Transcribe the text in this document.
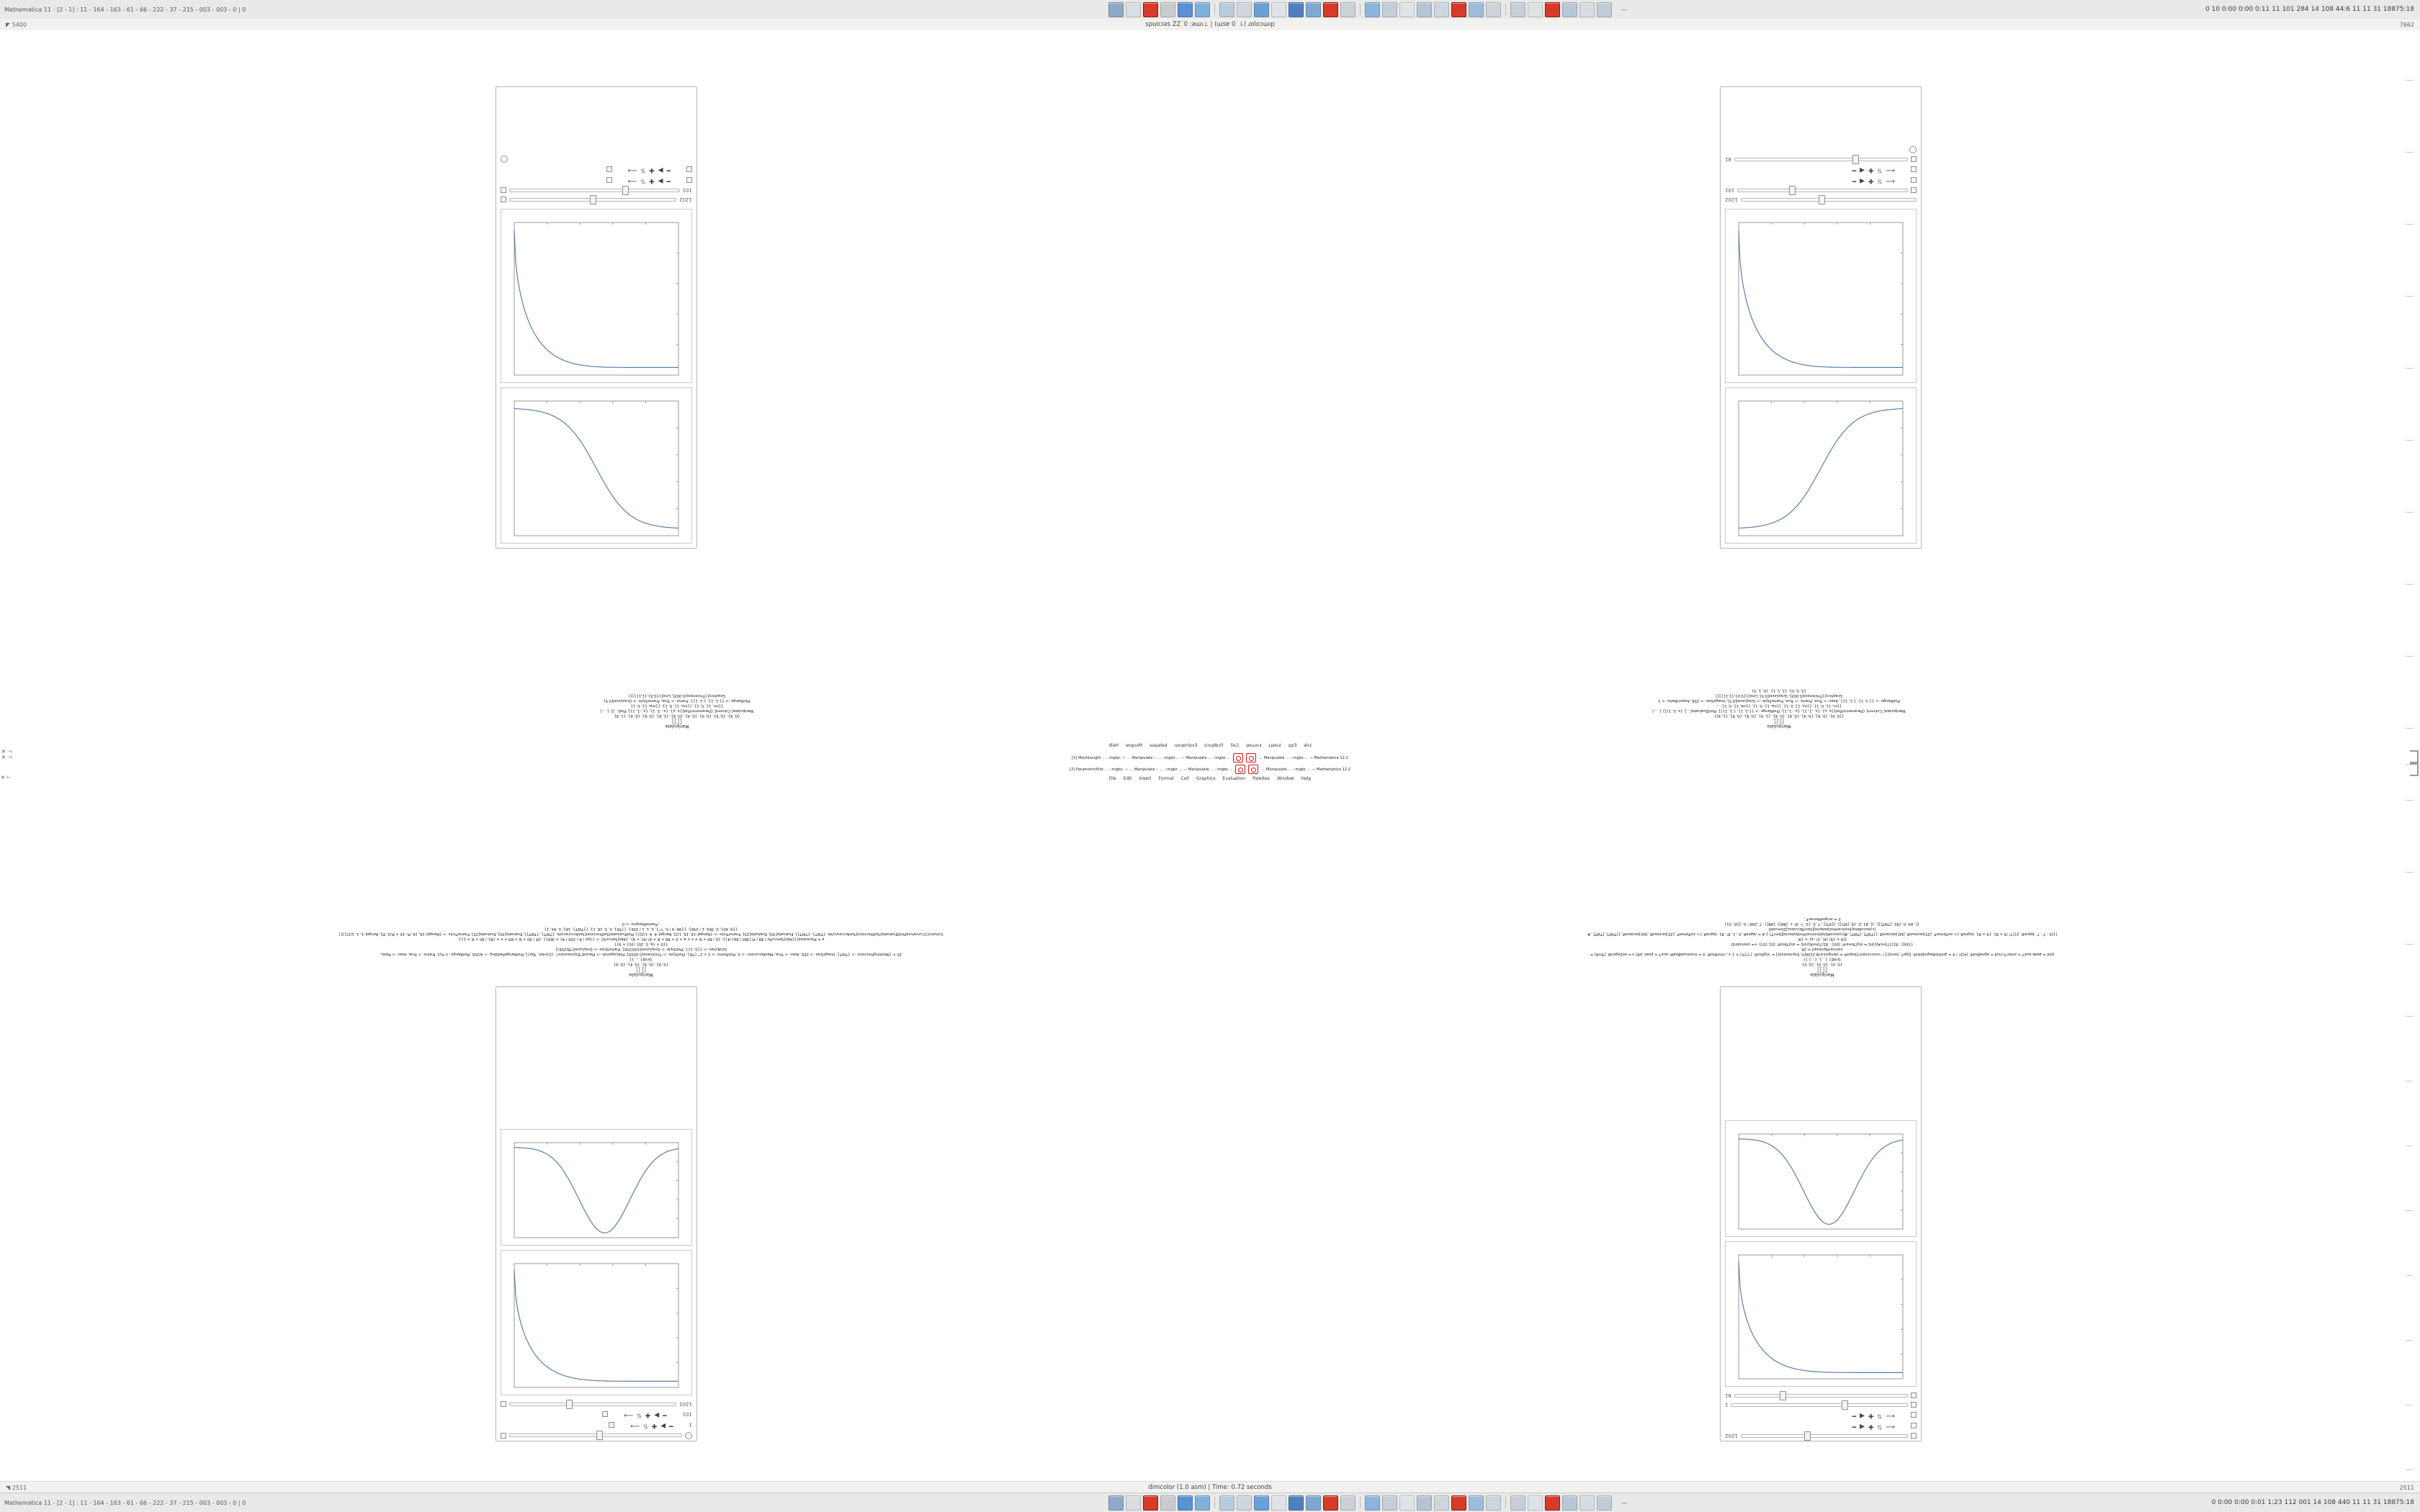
Mathematica 11 - [2 - 1] : 11 - 164 - 163 - 61 - 66 - 222 - 37 - 215 - 003 - 003 - 0 | 0	—	0 10 0:00 0:00 0:11 11 101 284 14 108 44:6 11 11 31 18875:18
◤ 5400	spuoɔǝs ZZ˙0 :ǝɯı⊥ | (ɯsɐ 0˙⇂) ɹoloɔɯıp	7662
1202
⟵
⥮
✚
◀
━
⟵
⥮
✚
◀
━
1
81
1
━
▶
✚
⥮
⟶
101
━
▶
✚
⥮
⟶
1202
1202
101
⟵
⥮
✚
◀
━
⟵
⥮
✚
◀
━
81
1202
101
━
▶
✚
⥮
⟶
━
▶
✚
⥮
⟶
Manipulate
[[]]
{0, 0}, {0, 0}, {0, 0}
Grid[{ {...}, {...} }]
plot = peak.auxT = smeriT./nu9 = agnaRtolP, [4]2! / 4 = gnittteRagndbltoP, [[ppT, [ems[]] / 'cnoccorqnl/'[bspslfi = sbmgslcsnN 2100[0, Expression[] = 'elgStolP, ["['[Tr] = 1 +, cfmrRtolP, 0 = moznuzeBsaM ,auxT = psak ,bR] += eoZagenR ,[TrnR] = noicnerfIgnizsal] = 2R
{{bt[] : 81}[7]mrA[y]rG = sty[TsmerP, [bt[] : 81[7]mrA[y]rG = sty[TstolP, [[O, [O]} += zrenizbriD
{[9 + {9! (A!, 0!, a} + {9!
[{[0 : 7 : 7 -]agneR ,2{[7! /9 + 81 ,{9 + 81 -]agneR }+ zoiTemerF ,[25]zeulaveE ,[bt[]zeulaveE ,[{TWT[ ,[TWT[ ,#[cyescoAkteJ]noizcerfInd]zelacteJ[bmrT] ,[.A = /agneR ,0 : 1 ,8! ,81 -]agneR }+ zoiTemerF ,[25]zeulaveE ,[bt[]zeulaveE ,[{TWT[ ,[TWT[ ,#[cyescoAkteJ]noizcerfInd]zelacteJ[Ozo]TeculeuL]ZnmuloO
{[ ,A4 ,0 ,{81 ,[TWT[]} ,{[ ,81 ,0 ,{8 ,[9T[]} ,{[9T[] : 7 ,0 ,{2 ,"r ,8! + ,[8R]} ,[9R[] : 7 ,206! ,0 ,{[9! ,0}]
0 = znigreMemerF ,
Manipulate
[[]]
{0, 9}, {0, 9}, {0, 4}, {0, 9}
Grid[{ ... }]
25 = {WorkingPrecision -> {TWT}, ImageSize -> 256, Axes -> True, MaxRecursion -> 0, PlotPoints -> 1 + 2^{TR}, PlotStyle -> Thickness[0.0003], PlotLegends -> Placed["Expressions", {Center, Top}], PlotRangePadding -> 4/256, PlotRange -> Full, Frame -> True, Axes -> False,
GridLines -> {{0, 1}}, PlotStyle -> GrayLevel[100/256], FrameStyle -> GrayLevel[78/256]}
{{0 + {a, 0, 20} /{0} + 9}}
a = Piecewise[{{Abs[SetcurPy / 88 / Pi [360 / 6b] /4}}, {0 / 80 + R + x + a + 0 + 88 + R + 9! /4} + 9}, {Abs[Setcur9] -> {{px / R / 256 / 4} + /R9}}, {Pi / 90 + R + R9 + x + {R} / 90 + R + 1}},
Column[{CurvaturePlot[Evaluate[SetPrecision[SetAccuracyVe, {TWT}, {TWT}], Evaluate[30], Evaluate[25], FrameTicks -> {Range[-16, 16, 1/2], Range[-4, 4, 1/2]}], PlotEvaluate[SetPrecision[SetAccuracyVe, {TWT}, {TWT}], Evaluate[30], Evaluate[25], FrameTicks -> {Range[-16, 16, Pi, 16 + Pi/2, Pi], Range[-1, 1, 1/2]}]}]
{{0, 90}, 0, 360, 1 / 256}, {{0R, 4 / 5, "r"}, 0, 1, 1 / 256}, {{TR}, 0, 3, 16, 1}, {{TWT}, 16}, 0, 64, 1}
, FrameMargins -> 0
Manipulate
[[]]
[{0, 9}, {0, 9}, {0, 4}, {0, 9}, {0, 9}, {1, 9}, {0, 9}, {0, 9}, {1, 9}]
Manipulate[ Column[ {ParametricPlot[{x, y}, {x, -1, 1}, {y, -1, 1}, PlotRange -> {{-1, 1}, {-1, 1}}], Plot[Evaluate[...], {x, 0, 1}]} ], ...]
{{nr, 1}, 0, 1}, {{nz, 1}, 0, 1}, {{na, 1}, 0, 1}, {{nb, 1}, 0, 1}, ...
PlotRange -> {{-1, 1}, {-1, 1}}, Axes -> True, Frame -> True, FrameStyle -> GrayLevel[0.5], ImageSize -> 256, AspectRatio -> 1
Graphics[{Thickness[0.003], GrayLevel[0.5], Line[{{0,0},{1,1}}]}]
{0, 0, 0}, {1, 1, 1}, {0, 1, 0}
Manipulate
[[]]
{0, 9}, {0, 9}, {0, 4}, {0, 9}, {0, 9}, {1, 9}, {0, 9}, {0, 9}, {1, 9}
Manipulate[ Column[ {ParametricPlot[{x, y}, {x, -1, 1}, {y, -1, 1}], Plot[...]} ], ...]
{{mr, 1}, 0, 1}, {{mz, 1}, 0, 1}, {{ma, 1}, 0, 1}
PlotRange -> {{-1, 1}, {-1, 1}}, Frame -> True, FrameStyle -> GrayLevel[0.5]
Graphics[{Thickness[0.003], Line[{{0,0},{1,1}}]}]
dlǝH ʍopuıM sǝʇʇǝlɐԀ uoıʇɐnlɐʌƎ sɔıɥdɐɹ⅁ llǝƆ ʇɐɯɹoℲ ʇɹǝsuI ʇıpƎ ǝlıℲ
[1] MeshLength ... ::mgbz: — ... Manipulate :: ... ::mgbz ... — Manipulate ... ::mgbz ...	... Manipulate ... ::mgbz ... — Mathematica 12.2
[2] ParametricPlot ... ::mgbz: — ... Manipulate :: ... ::mgbz ... — Manipulate ... ::mgbz ...	... Manipulate ... ::mgbz ... — Mathematica 12.2
File Edit Insert Format Cell Graphics Evaluation Palettes Window Help
✕ ⊣
✕ ⊣
✕ ⊢
◥ 2511	dimcolor (1.0 asm) | Time: 0.72 seconds	2511
Mathematica 11 - [2 - 1] : 11 - 164 - 163 - 61 - 66 - 222 - 37 - 215 - 003 - 003 - 0 | 0	—	0 0:00 0:00 0:01 1:23 112 001 14 108 440 11 11 31 18875:18
